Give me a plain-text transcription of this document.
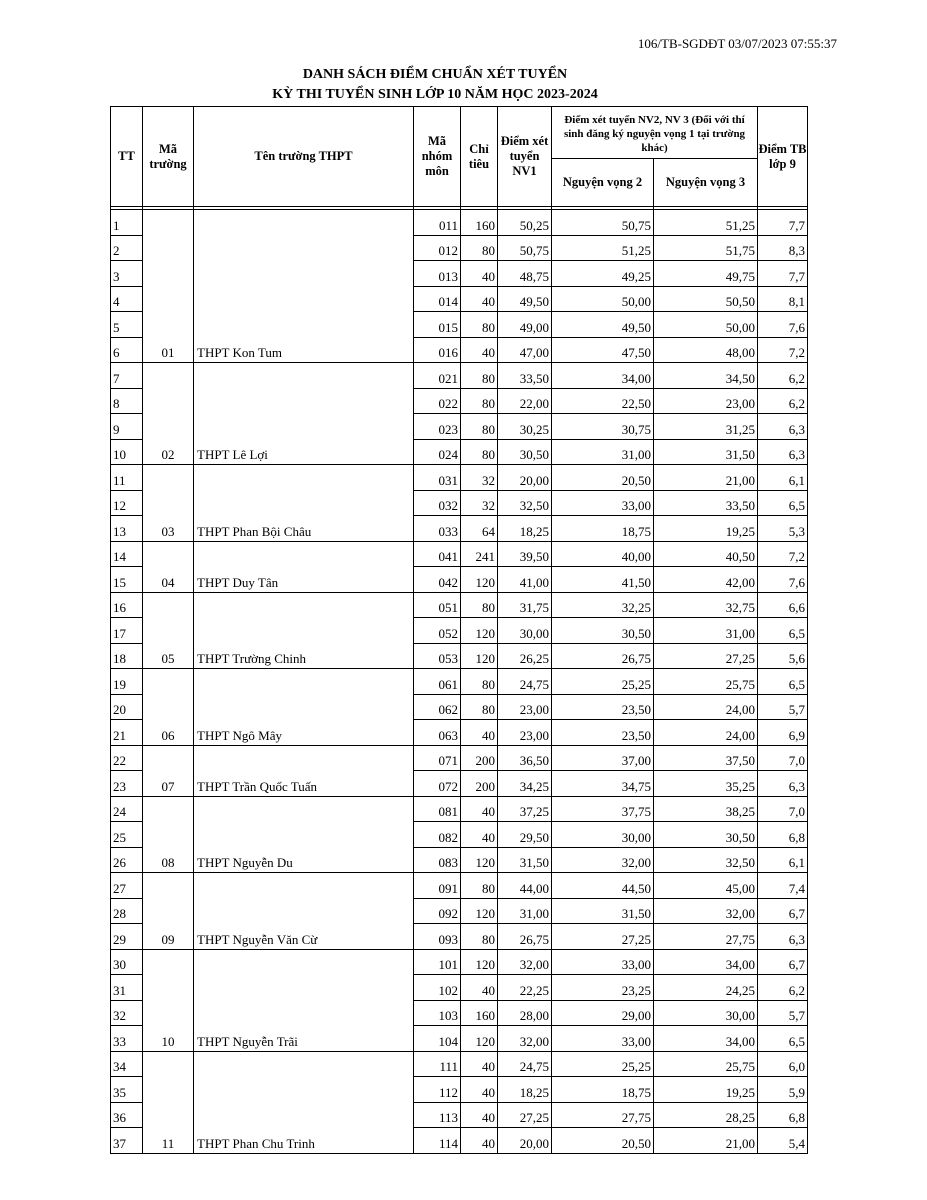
106/TB-SGDĐT 03/07/2023 07:55:37
DANH SÁCH ĐIỂM CHUẨN XÉT TUYỂN
KỲ THI TUYỂN SINH LỚP 10 NĂM HỌC 2023-2024
TT	Mã trường	Tên trường THPT	Mã nhóm môn	Chỉ tiêu	Điểm xét tuyển NV1	Điểm xét tuyển NV2, NV 3 (Đối với thí sinh đăng ký nguyện vọng 1 tại trường khác)		Điểm TB lớp 9
						Nguyện vọng 2	Nguyện vọng 3	

1	01	THPT Kon Tum	011	160	50,25	50,75	51,25	7,7
2			012	80	50,75	51,25	51,75	8,3
3			013	40	48,75	49,25	49,75	7,7
4			014	40	49,50	50,00	50,50	8,1
5			015	80	49,00	49,50	50,00	7,6
6			016	40	47,00	47,50	48,00	7,2
7	02	THPT Lê Lợi	021	80	33,50	34,00	34,50	6,2
8			022	80	22,00	22,50	23,00	6,2
9			023	80	30,25	30,75	31,25	6,3
10			024	80	30,50	31,00	31,50	6,3
11	03	THPT Phan Bội Châu	031	32	20,00	20,50	21,00	6,1
12			032	32	32,50	33,00	33,50	6,5
13			033	64	18,25	18,75	19,25	5,3
14	04	THPT Duy Tân	041	241	39,50	40,00	40,50	7,2
15			042	120	41,00	41,50	42,00	7,6
16	05	THPT Trường Chinh	051	80	31,75	32,25	32,75	6,6
17			052	120	30,00	30,50	31,00	6,5
18			053	120	26,25	26,75	27,25	5,6
19	06	THPT Ngô Mây	061	80	24,75	25,25	25,75	6,5
20			062	80	23,00	23,50	24,00	5,7
21			063	40	23,00	23,50	24,00	6,9
22	07	THPT Trần Quốc Tuấn	071	200	36,50	37,00	37,50	7,0
23			072	200	34,25	34,75	35,25	6,3
24	08	THPT Nguyễn Du	081	40	37,25	37,75	38,25	7,0
25			082	40	29,50	30,00	30,50	6,8
26			083	120	31,50	32,00	32,50	6,1
27	09	THPT Nguyễn Văn Cừ	091	80	44,00	44,50	45,00	7,4
28			092	120	31,00	31,50	32,00	6,7
29			093	80	26,75	27,25	27,75	6,3
30	10	THPT Nguyễn Trãi	101	120	32,00	33,00	34,00	6,7
31			102	40	22,25	23,25	24,25	6,2
32			103	160	28,00	29,00	30,00	5,7
33			104	120	32,00	33,00	34,00	6,5
34	11	THPT Phan Chu Trinh	111	40	24,75	25,25	25,75	6,0
35			112	40	18,25	18,75	19,25	5,9
36			113	40	27,25	27,75	28,25	6,8
37			114	40	20,00	20,50	21,00	5,4
